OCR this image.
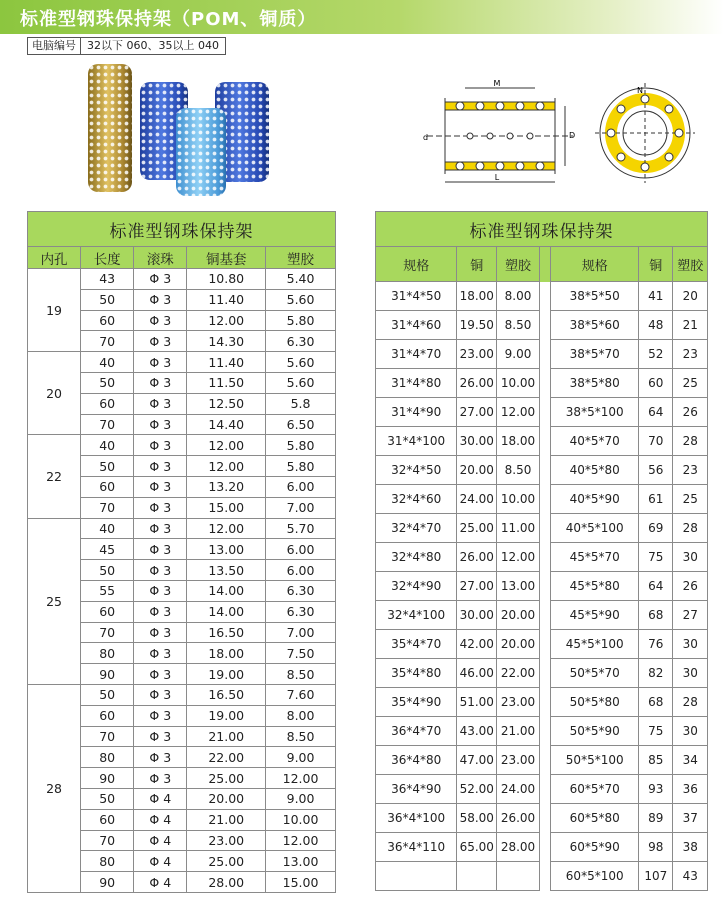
标准型钢珠保持架（POM、铜质）
电脑编号	32以下 060、35以上 040
M
d	D
L
N
标准型钢珠保持架				
内孔	长度	滚珠	铜基套	塑胶
19	43	Φ 3	10.80	5.40
	50	Φ 3	11.40	5.60
	60	Φ 3	12.00	5.80
	70	Φ 3	14.30	6.30
20	40	Φ 3	11.40	5.60
	50	Φ 3	11.50	5.60
	60	Φ 3	12.50	5.8
	70	Φ 3	14.40	6.50
22	40	Φ 3	12.00	5.80
	50	Φ 3	12.00	5.80
	60	Φ 3	13.20	6.00
	70	Φ 3	15.00	7.00
25	40	Φ 3	12.00	5.70
	45	Φ 3	13.00	6.00
	50	Φ 3	13.50	6.00
	55	Φ 3	14.00	6.30
	60	Φ 3	14.00	6.30
	70	Φ 3	16.50	7.00
	80	Φ 3	18.00	7.50
	90	Φ 3	19.00	8.50
28	50	Φ 3	16.50	7.60
	60	Φ 3	19.00	8.00
	70	Φ 3	21.00	8.50
	80	Φ 3	22.00	9.00
	90	Φ 3	25.00	12.00
	50	Φ 4	20.00	9.00
	60	Φ 4	21.00	10.00
	70	Φ 4	23.00	12.00
	80	Φ 4	25.00	13.00
	90	Φ 4	28.00	15.00
标准型钢珠保持架						
规格	铜	塑胶		规格	铜	塑胶
31*4*50	18.00	8.00		38*5*50	41	20
31*4*60	19.50	8.50		38*5*60	48	21
31*4*70	23.00	9.00		38*5*70	52	23
31*4*80	26.00	10.00		38*5*80	60	25
31*4*90	27.00	12.00		38*5*100	64	26
31*4*100	30.00	18.00		40*5*70	70	28
32*4*50	20.00	8.50		40*5*80	56	23
32*4*60	24.00	10.00		40*5*90	61	25
32*4*70	25.00	11.00		40*5*100	69	28
32*4*80	26.00	12.00		45*5*70	75	30
32*4*90	27.00	13.00		45*5*80	64	26
32*4*100	30.00	20.00		45*5*90	68	27
35*4*70	42.00	20.00		45*5*100	76	30
35*4*80	46.00	22.00		50*5*70	82	30
35*4*90	51.00	23.00		50*5*80	68	28
36*4*70	43.00	21.00		50*5*90	75	30
36*4*80	47.00	23.00		50*5*100	85	34
36*4*90	52.00	24.00		60*5*70	93	36
36*4*100	58.00	26.00		60*5*80	89	37
36*4*110	65.00	28.00		60*5*90	98	38
				60*5*100	107	43
